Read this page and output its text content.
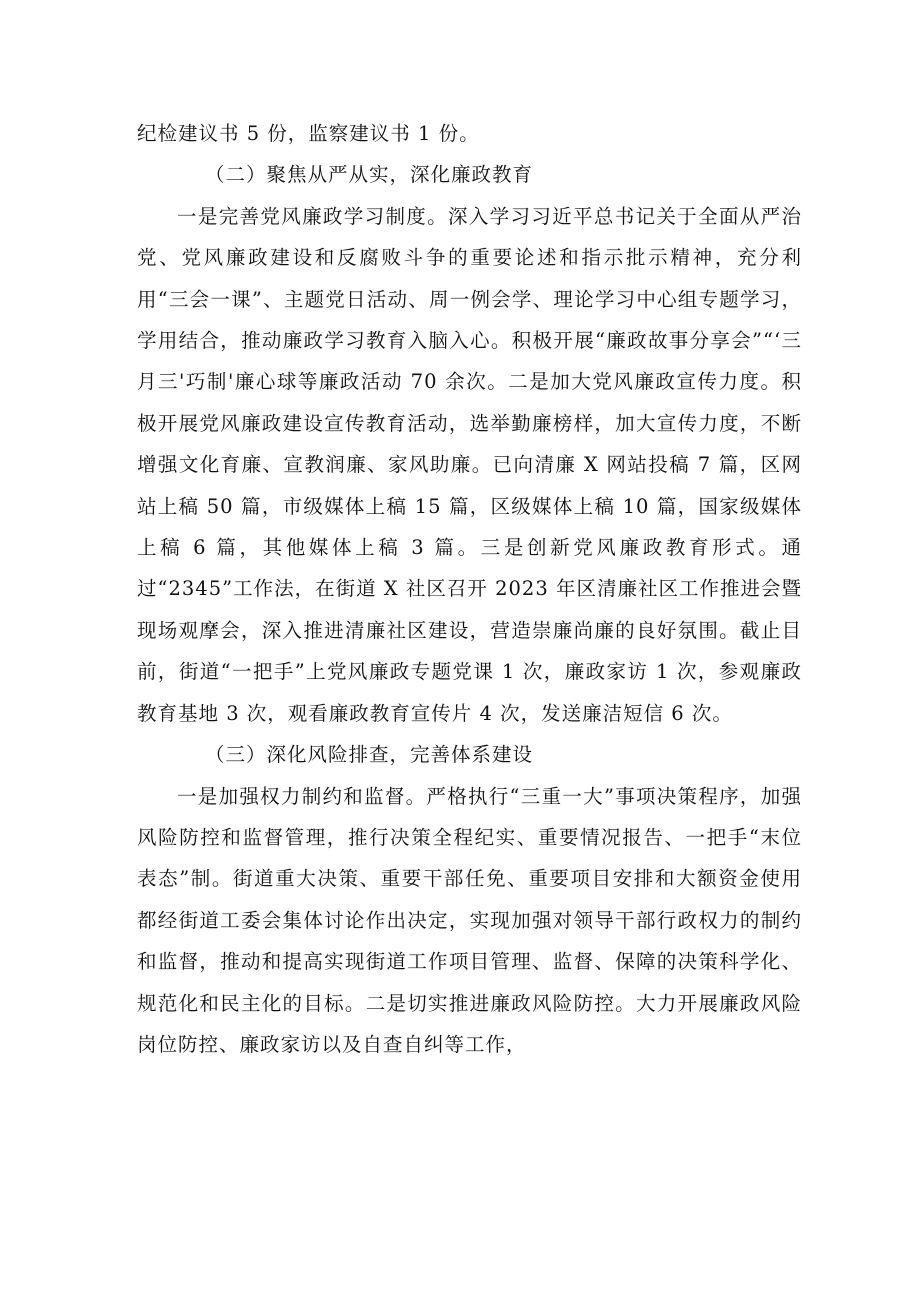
纪检建议书 5 份，监察建议书 1 份。

（二）聚焦从严从实，深化廉政教育

一是完善党风廉政学习制度。深入学习习近平总书记关于全面从严治党、党风廉政建设和反腐败斗争的重要论述和指示批示精神，充分利用“三会一课”、主题党日活动、周一例会学、理论学习中心组专题学习，学用结合，推动廉政学习教育入脑入心。积极开展“廉政故事分享会”“‘三月三'巧制'廉心球等廉政活动 70 余次。二是加大党风廉政宣传力度。积极开展党风廉政建设宣传教育活动，选举勤廉榜样，加大宣传力度，不断增强文化育廉、宣教润廉、家风助廉。已向清廉 X 网站投稿 7 篇，区网站上稿 50 篇，市级媒体上稿 15 篇，区级媒体上稿 10 篇，国家级媒体上稿 6 篇，其他媒体上稿 3 篇。三是创新党风廉政教育形式。通过“2345”工作法，在街道 X 社区召开 2023 年区清廉社区工作推进会暨现场观摩会，深入推进清廉社区建设，营造崇廉尚廉的良好氛围。截止目前，街道“一把手”上党风廉政专题党课 1 次，廉政家访 1 次，参观廉政教育基地 3 次，观看廉政教育宣传片 4 次，发送廉洁短信 6 次。

（三）深化风险排查，完善体系建设

一是加强权力制约和监督。严格执行“三重一大”事项决策程序，加强风险防控和监督管理，推行决策全程纪实、重要情况报告、一把手“末位表态”制。街道重大决策、重要干部任免、重要项目安排和大额资金使用都经街道工委会集体讨论作出决定，实现加强对领导干部行政权力的制约和监督，推动和提高实现街道工作项目管理、监督、保障的决策科学化、规范化和民主化的目标。二是切实推进廉政风险防控。大力开展廉政风险岗位防控、廉政家访以及自查自纠等工作，
